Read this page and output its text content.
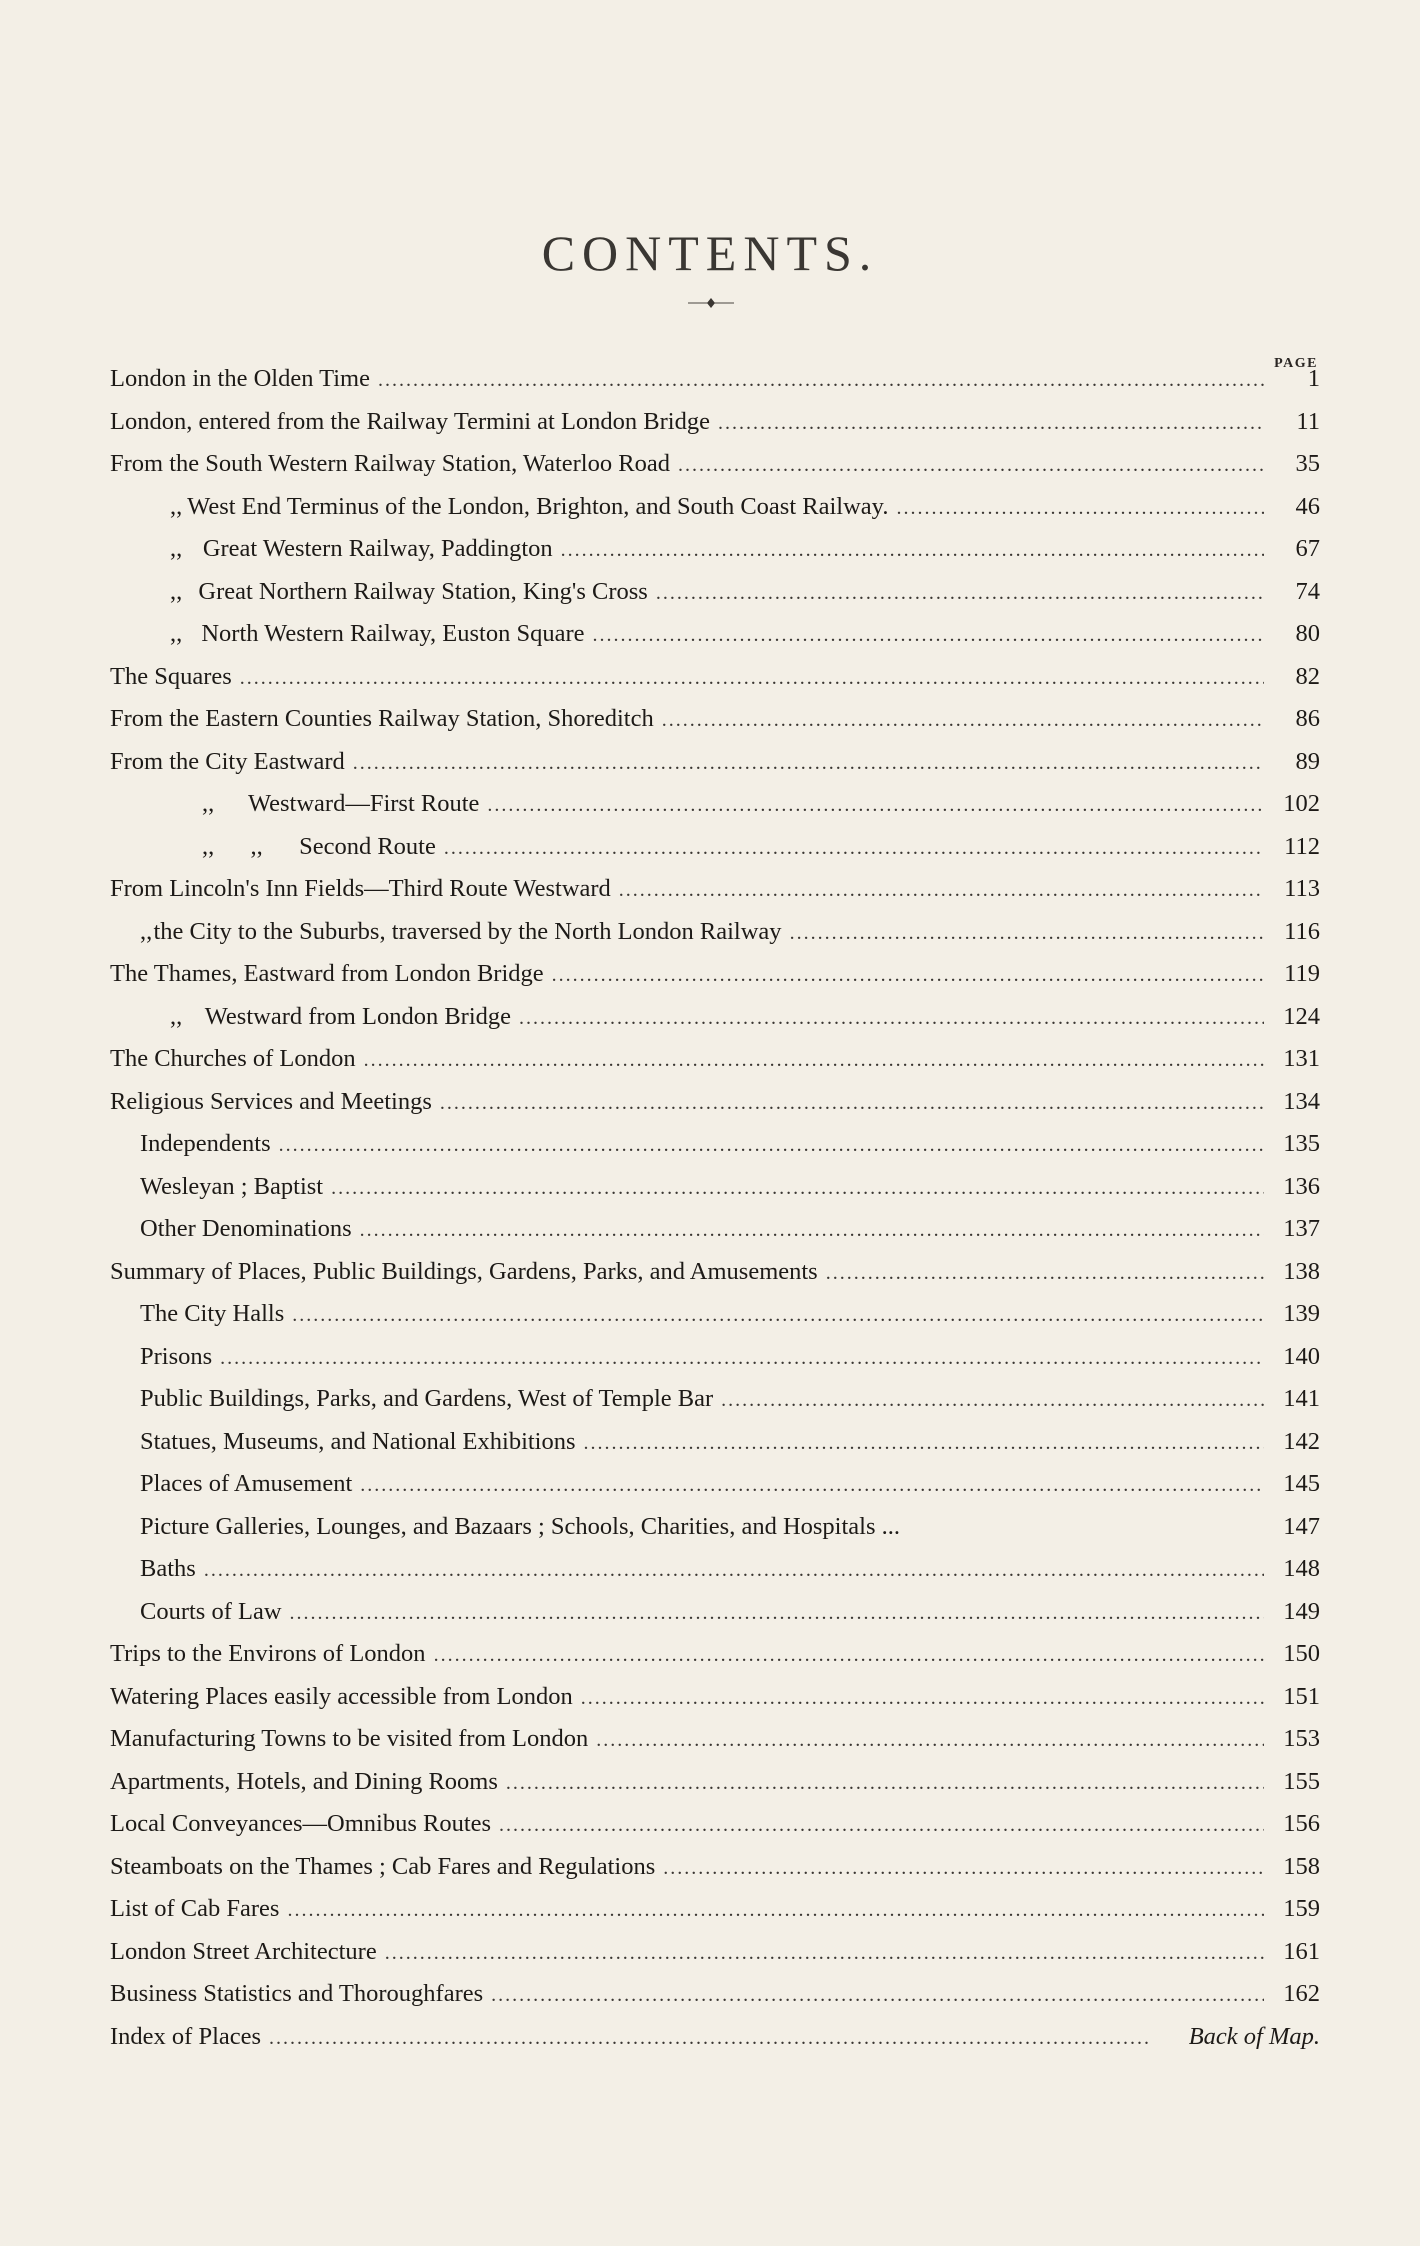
CONTENTS.
PAGE
London in the Olden Time .....	1
London, entered from the Railway Termini at London Bridge .....	11
From the South Western Railway Station, Waterloo Road .....	35
,, West End Terminus of the London, Brighton, and South Coast Railway. .....	46
,, Great Western Railway, Paddington .....	67
,, Great Northern Railway Station, King's Cross .....	74
,, North Western Railway, Euston Square .....	80
The Squares .....	82
From the Eastern Counties Railway Station, Shoreditch .....	86
From the City Eastward .....	89
,,	Westward—First Route .....	102
,,	,,	Second Route .....	112
From Lincoln's Inn Fields—Third Route Westward .....	113
,, the City to the Suburbs, traversed by the North London Railway .....	116
The Thames, Eastward from London Bridge .....	119
,, Westward from London Bridge .....	124
The Churches of London .....	131
Religious Services and Meetings .....	134
Independents .....	135
Wesleyan ; Baptist .....	136
Other Denominations .....	137
Summary of Places, Public Buildings, Gardens, Parks, and Amusements .....	138
The City Halls .....	139
Prisons .....	140
Public Buildings, Parks, and Gardens, West of Temple Bar .....	141
Statues, Museums, and National Exhibitions .....	142
Places of Amusement .....	145
Picture Galleries, Lounges, and Bazaars ; Schools, Charities, and Hospitals ...	147
Baths .....	148
Courts of Law .....	149
Trips to the Environs of London .....	150
Watering Places easily accessible from London .....	151
Manufacturing Towns to be visited from London .....	153
Apartments, Hotels, and Dining Rooms .....	155
Local Conveyances—Omnibus Routes .....	156
Steamboats on the Thames ; Cab Fares and Regulations .....	158
List of Cab Fares .....	159
London Street Architecture .....	161
Business Statistics and Thoroughfares .....	162
Index of Places .....	Back of Map.
